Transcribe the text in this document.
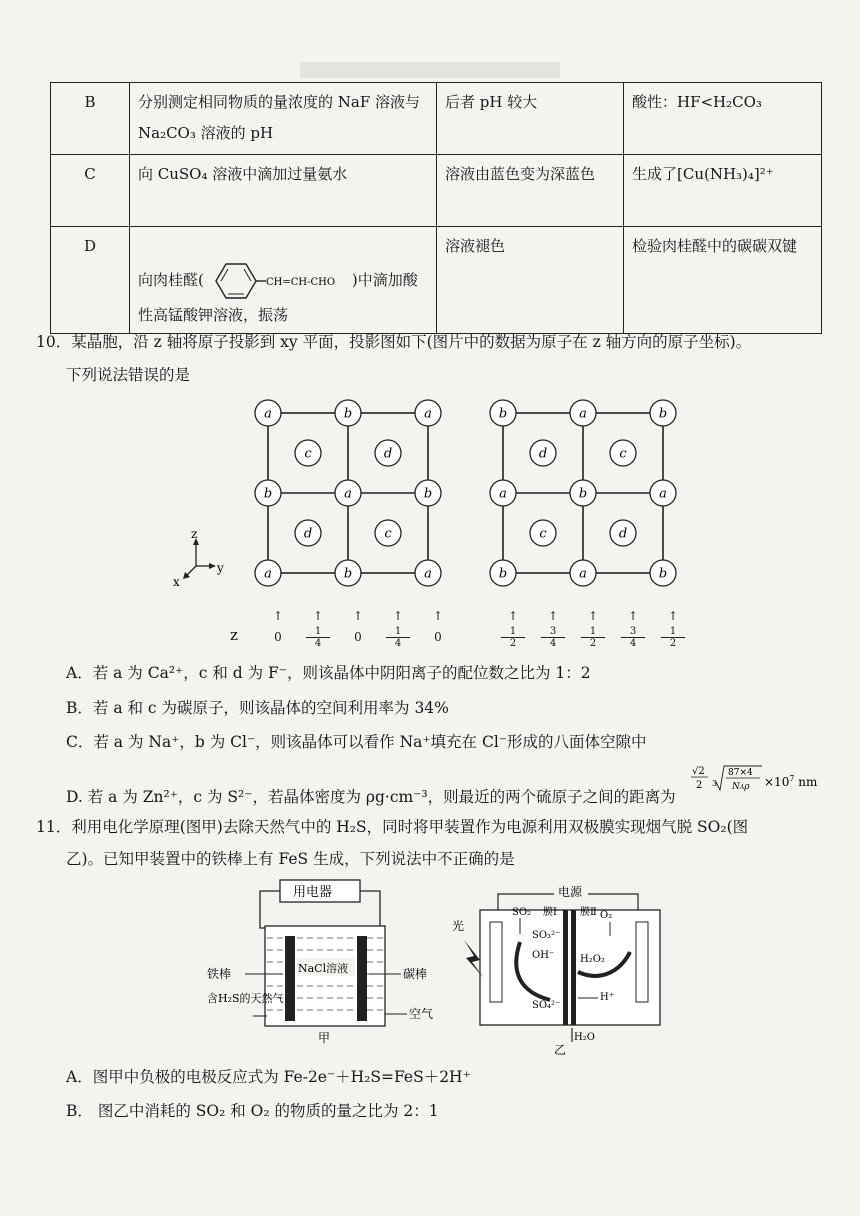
B	分别测定相同物质的量浓度的 NaF 溶液与 Na₂CO₃ 溶液的 pH	后者 pH 较大	酸性：HF<H₂CO₃
C	向 CuSO₄ 溶液中滴加过量氨水	溶液由蓝色变为深蓝色	生成了[Cu(NH₃)₄]²⁺
D	向肉桂醛( CH=CH-CHO )中滴加酸性高锰酸钾溶液，振荡	溶液褪色	检验肉桂醛中的碳碳双键
10．某晶胞，沿 z 轴将原子投影到 xy 平面，投影图如下(图片中的数据为原子在 z 轴方向的原子坐标)。
下列说法错误的是
a	b	a
c	d
b	a	b
d	c
a	b	a
b	a	b
d	c
a	b	a
c	d
b	a	b
z
x
y
z
↑
0
↑
1
4
↑
0
↑
1
4
↑
0
↑
1
2
↑
3
4
↑
1
2
↑
3
4
↑
1
2
A．若 a 为 Ca²⁺，c 和 d 为 F⁻，则该晶体中阴阳离子的配位数之比为 1：2
B．若 a 和 c 为碳原子，则该晶体的空间利用率为 34%
C．若 a 为 Na⁺，b 为 Cl⁻，则该晶体可以看作 Na⁺填充在 Cl⁻形成的八面体空隙中
D. 若 a 为 Zn²⁺，c 为 S²⁻，若晶体密度为 ρg·cm⁻³，则最近的两个硫原子之间的距离为
√2
2 3
87×4
$NA\rho \times 10^7$ nm
11．利用电化学原理(图甲)去除天然气中的 H₂S，同时将甲装置作为电源利用双极膜实现烟气脱 SO₂(图
乙)。已知甲装置中的铁棒上有 FeS 生成，下列说法中不正确的是
用电器
NaCl溶液
铁棒	碳棒
含H₂S的天然气
空气
甲
电源
光
SO₂ 膜Ⅰ 膜Ⅱ O₂
SO₃²⁻
OH⁻
SO₄²⁻
H₂O₂
H⁺
H₂O
乙
A．图甲中负极的电极反应式为 Fe-2e⁻＋H₂S=FeS＋2H⁺
B． 图乙中消耗的 SO₂ 和 O₂ 的物质的量之比为 2：1
